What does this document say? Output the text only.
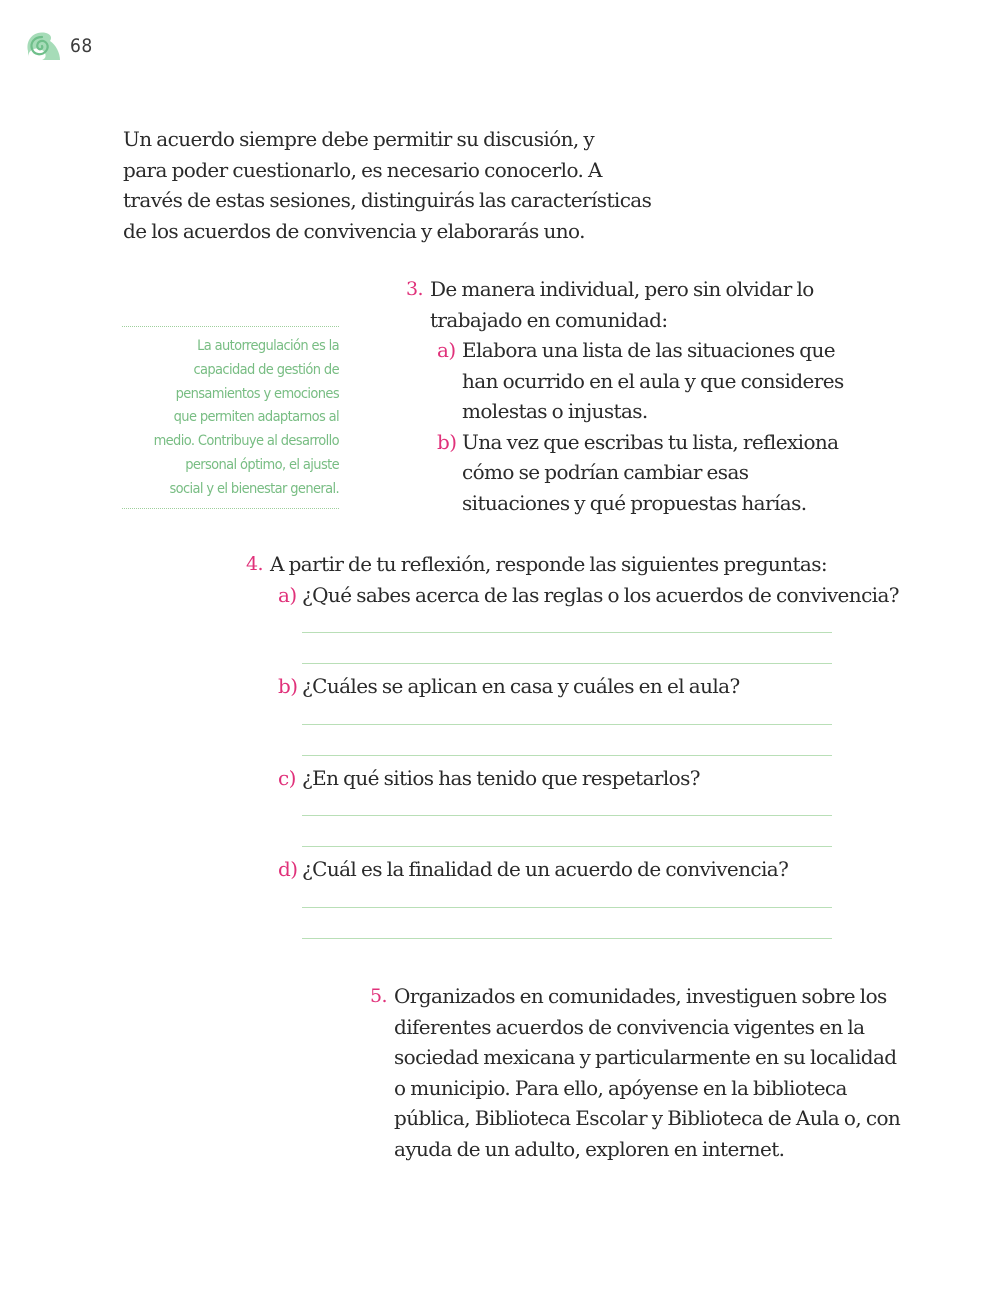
68

Un acuerdo siempre debe permitir su discusión, y
para poder cuestionarlo, es necesario conocerlo. A
través de estas sesiones, distinguirás las características
de los acuerdos de convivencia y elaborarás uno.

La autorregulación es la
capacidad de gestión de
pensamientos y emociones
que permiten adaptarnos al
medio. Contribuye al desarrollo
personal óptimo, el ajuste
social y el bienestar general.

3. De manera individual, pero sin olvidar lo
trabajado en comunidad:
a) Elabora una lista de las situaciones que
han ocurrido en el aula y que consideres
molestas o injustas.
b) Una vez que escribas tu lista, reflexiona
cómo se podrían cambiar esas
situaciones y qué propuestas harías.
4. A partir de tu reflexión, responde las siguientes preguntas:
a) ¿Qué sabes acerca de las reglas o los acuerdos de convivencia?
b) ¿Cuáles se aplican en casa y cuáles en el aula?
c) ¿En qué sitios has tenido que respetarlos?
d) ¿Cuál es la finalidad de un acuerdo de convivencia?
5. Organizados en comunidades, investiguen sobre los
diferentes acuerdos de convivencia vigentes en la
sociedad mexicana y particularmente en su localidad
o municipio. Para ello, apóyense en la biblioteca
pública, Biblioteca Escolar y Biblioteca de Aula o, con
ayuda de un adulto, exploren en internet.
